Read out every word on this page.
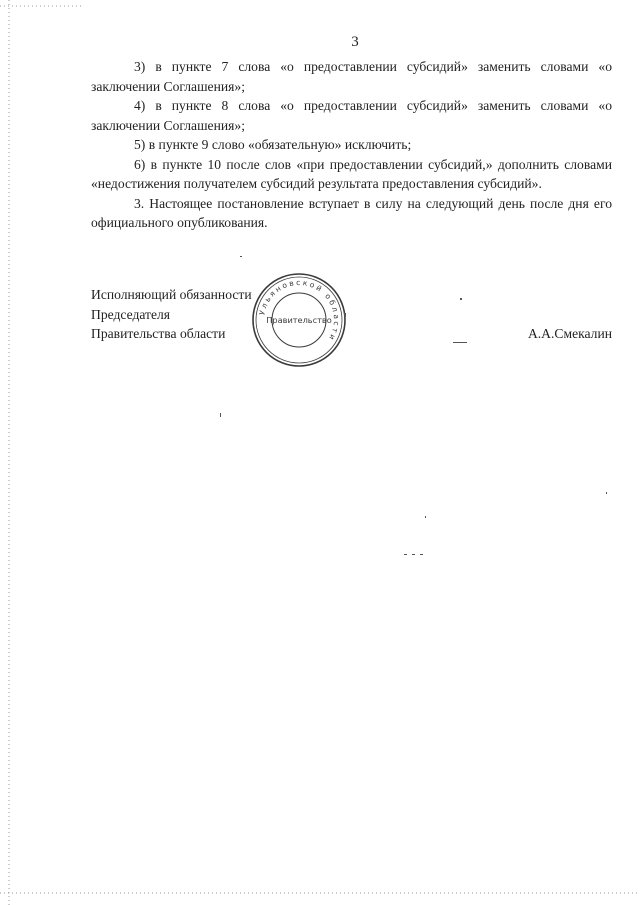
3

3) в пункте 7 слова «о предоставлении субсидий» заменить словами «о заключении Соглашения»;

4) в пункте 8 слова «о предоставлении субсидий» заменить словами «о заключении Соглашения»;

5) в пункте 9 слово «обязательную» исключить;

6) в пункте 10 после слов «при предоставлении субсидий,» дополнить словами «недостижения получателем субсидий результата предоставления субсидий».

3. Настоящее постановление вступает в силу на следующий день после дня его официального опубликования.

Исполняющий обязанности
Председателя
Правительства области	А.А.Смекалин
Ульяновской области
Правительство
